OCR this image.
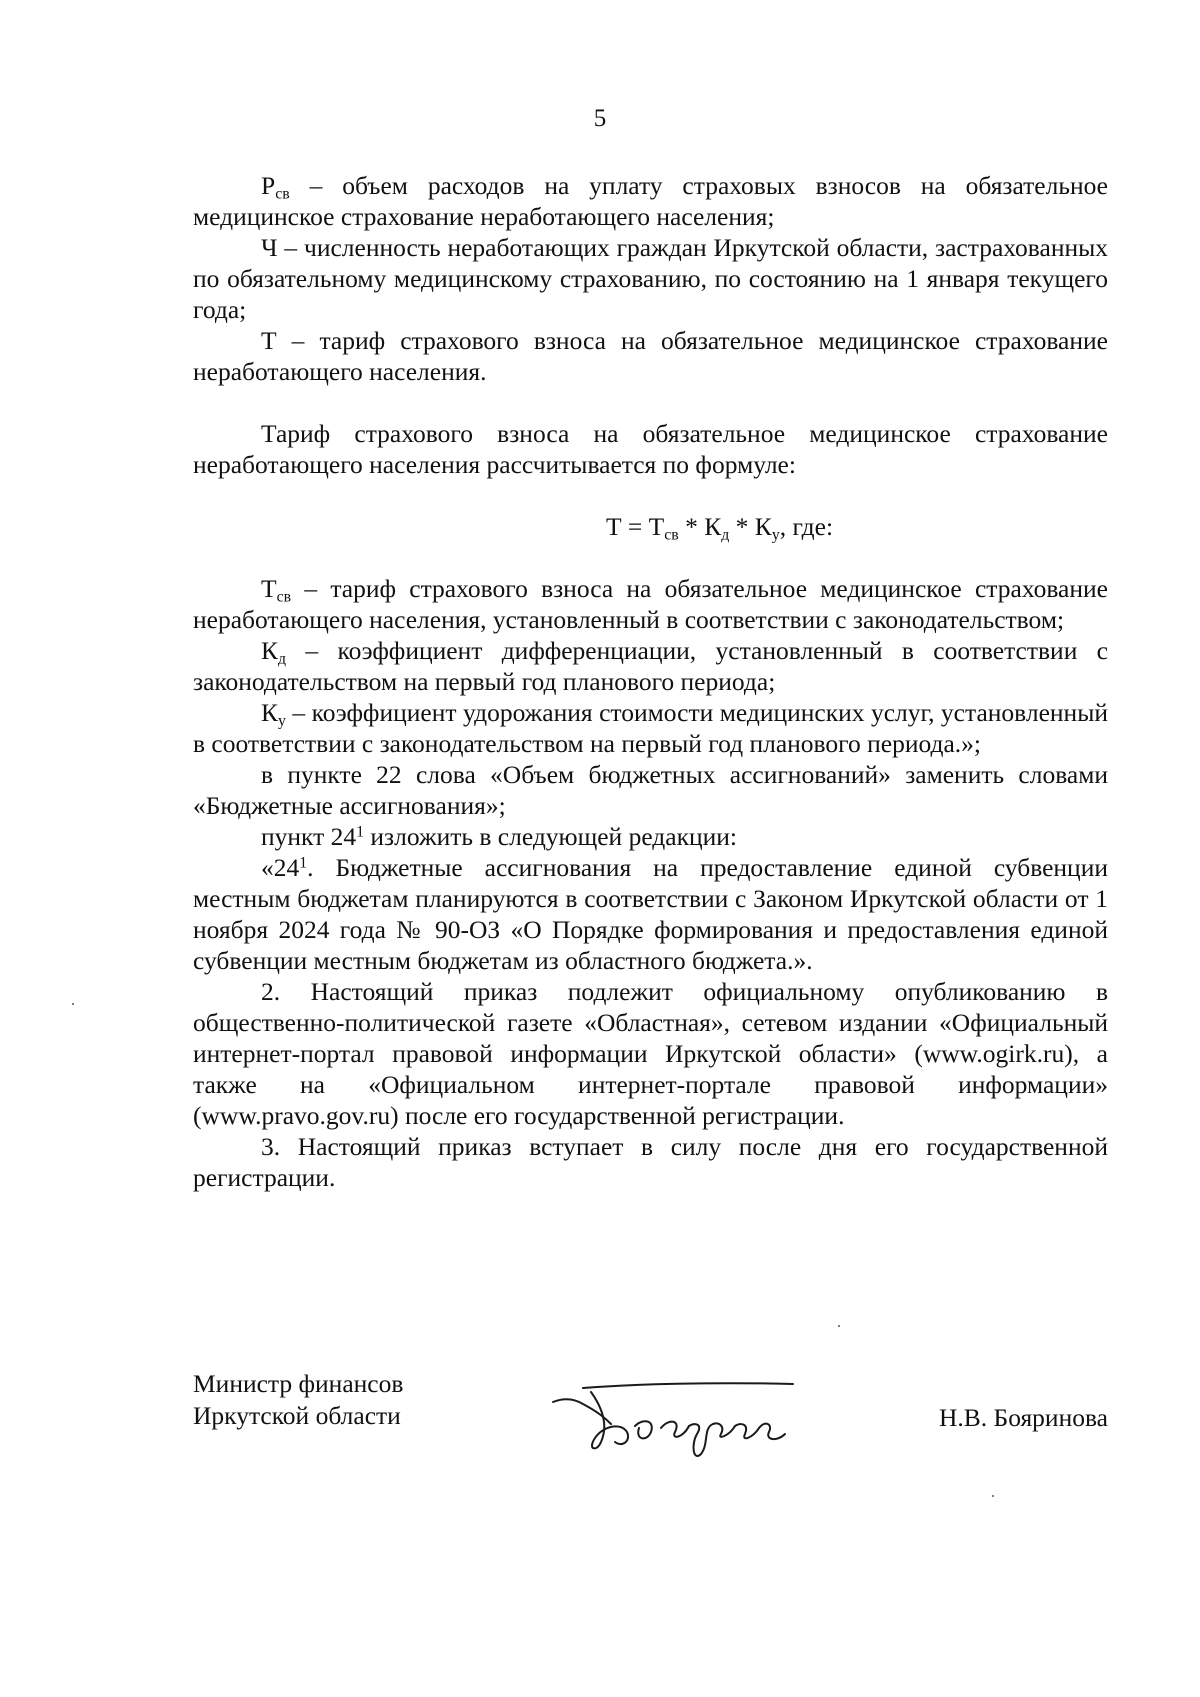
5

$Р_{св}$ – объем расходов на уплату страховых взносов на обязательное медицинское страхование неработающего населения;

Ч – численность неработающих граждан Иркутской области, застрахованных по обязательному медицинскому страхованию, по состоянию на 1 января текущего года;

Т – тариф страхового взноса на обязательное медицинское страхование неработающего населения.

Тариф страхового взноса на обязательное медицинское страхование неработающего населения рассчитывается по формуле:

$Т = Т_{св} * К_д * К_у$, где:

$Т_{св}$ – тариф страхового взноса на обязательное медицинское страхование неработающего населения, установленный в соответствии с законодательством;

$К_д$ – коэффициент дифференциации, установленный в соответствии с законодательством на первый год планового периода;

$К_у$ – коэффициент удорожания стоимости медицинских услуг, установленный в соответствии с законодательством на первый год планового периода.»;

в пункте 22 слова «Объем бюджетных ассигнований» заменить словами «Бюджетные ассигнования»;

пункт $24^1$ изложить в следующей редакции:

«$24^1$. Бюджетные ассигнования на предоставление единой субвенции местным бюджетам планируются в соответствии с Законом Иркутской области от 1 ноября 2024 года № 90-ОЗ «О Порядке формирования и предоставления единой субвенции местным бюджетам из областного бюджета.».

2. Настоящий приказ подлежит официальному опубликованию в общественно-политической газете «Областная», сетевом издании «Официальный интернет-портал правовой информации Иркутской области» (www.ogirk.ru), а также на «Официальном интернет-портале правовой информации» (www.pravo.gov.ru) после его государственной регистрации.

3. Настоящий приказ вступает в силу после дня его государственной регистрации.

Министр финансов
Иркутской области	Н.В. Бояринова
